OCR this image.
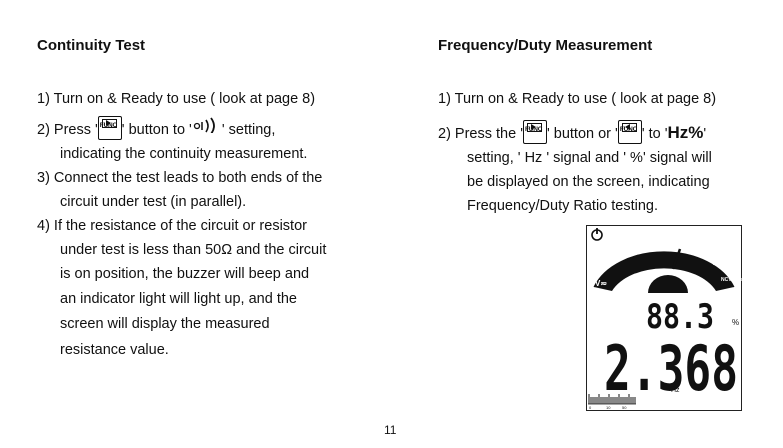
Continuity Test
1) Turn on & Ready to use ( look at page 8)
2) Press ' FUNC ' button to ' ' setting,
indicating the continuity measurement.
3) Connect the test leads to both ends of the
circuit under test (in parallel).
4) If the resistance of the circuit or resistor
under test is less than 50Ω and the circuit
is on position, the buzzer will beep and
an indicator light will light up, and the
screen will display the measured
resistance value.
Frequency/Duty Measurement
1) Turn on & Ready to use ( look at page 8)
2) Press the ' FUNC ' button or ' FUNC ' to 'Hz%'
setting, ' Hz ' signal and ' %' signal will
be displayed on the screen, indicating
Frequency/Duty Ratio testing.
•)))
Ω
V≂
Hz%
C/F
A≂
NCV Live
88.3 %
2.368
Hz
0	10	50
11
